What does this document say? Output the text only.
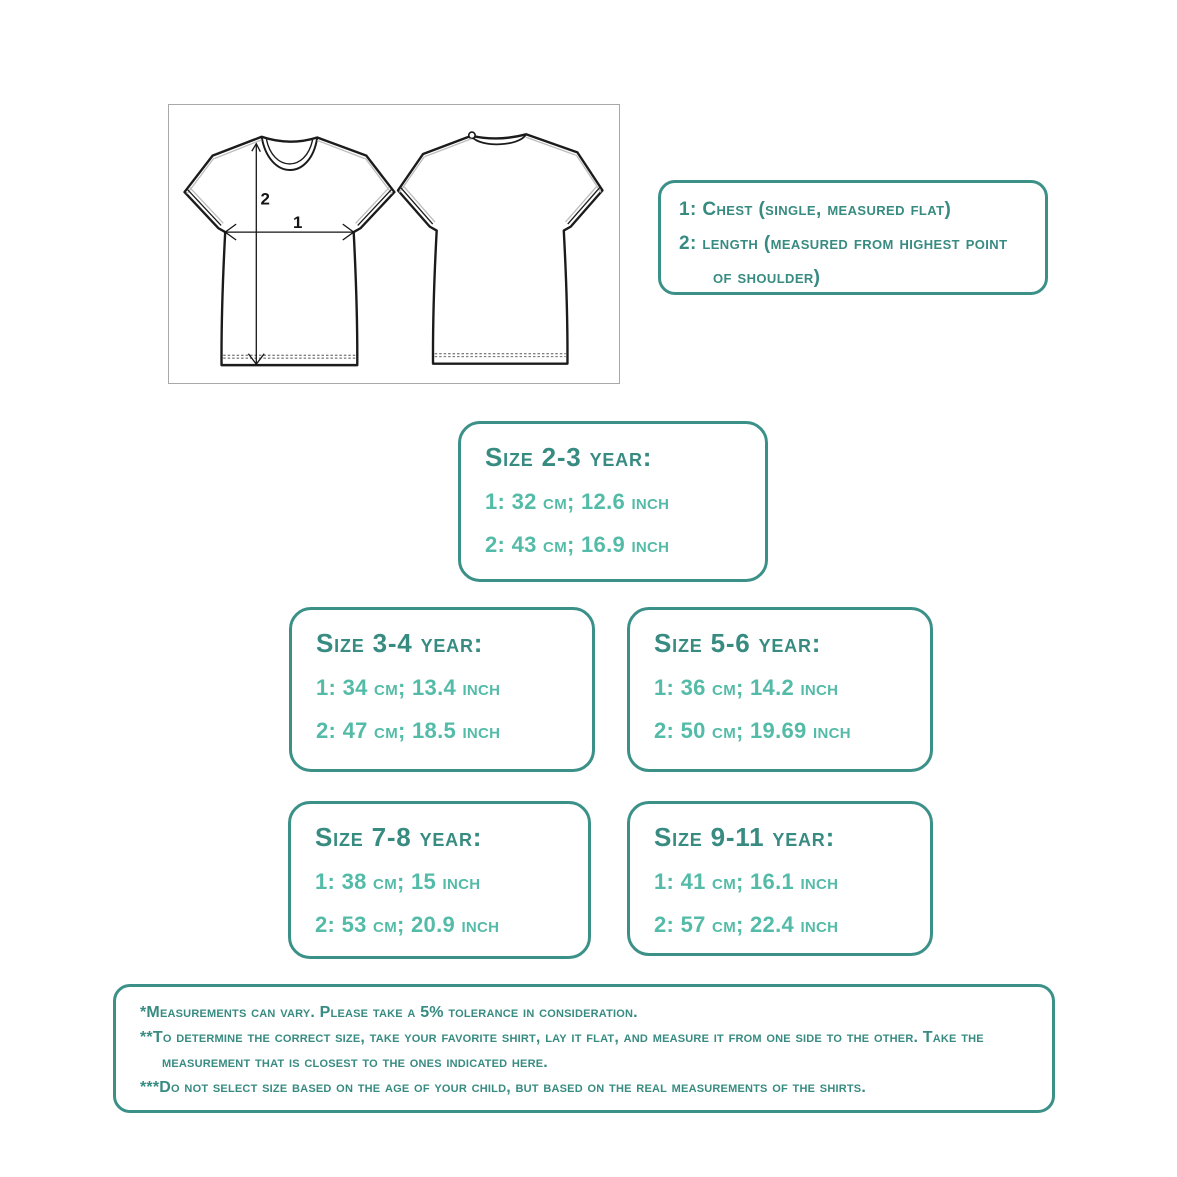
2
1
1: Chest (single, measured flat)
2: length (measured from highest point of shoulder)
Size 2-3 year:
1: 32 cm; 12.6 inch
2: 43 cm; 16.9 inch
Size 3-4 year:
1: 34 cm; 13.4 inch
2: 47 cm; 18.5 inch
Size 5-6 year:
1: 36 cm; 14.2 inch
2: 50 cm; 19.69 inch
Size 7-8 year:
1: 38 cm; 15 inch
2: 53 cm; 20.9 inch
Size 9-11 year:
1: 41 cm; 16.1 inch
2: 57 cm; 22.4 inch

*Measurements can vary. Please take a 5% tolerance in consideration.

**To determine the correct size, take your favorite shirt, lay it flat, and measure it from one side to the other. Take the measurement that is closest to the ones indicated here.

***Do not select size based on the age of your child, but based on the real measurements of the shirts.
